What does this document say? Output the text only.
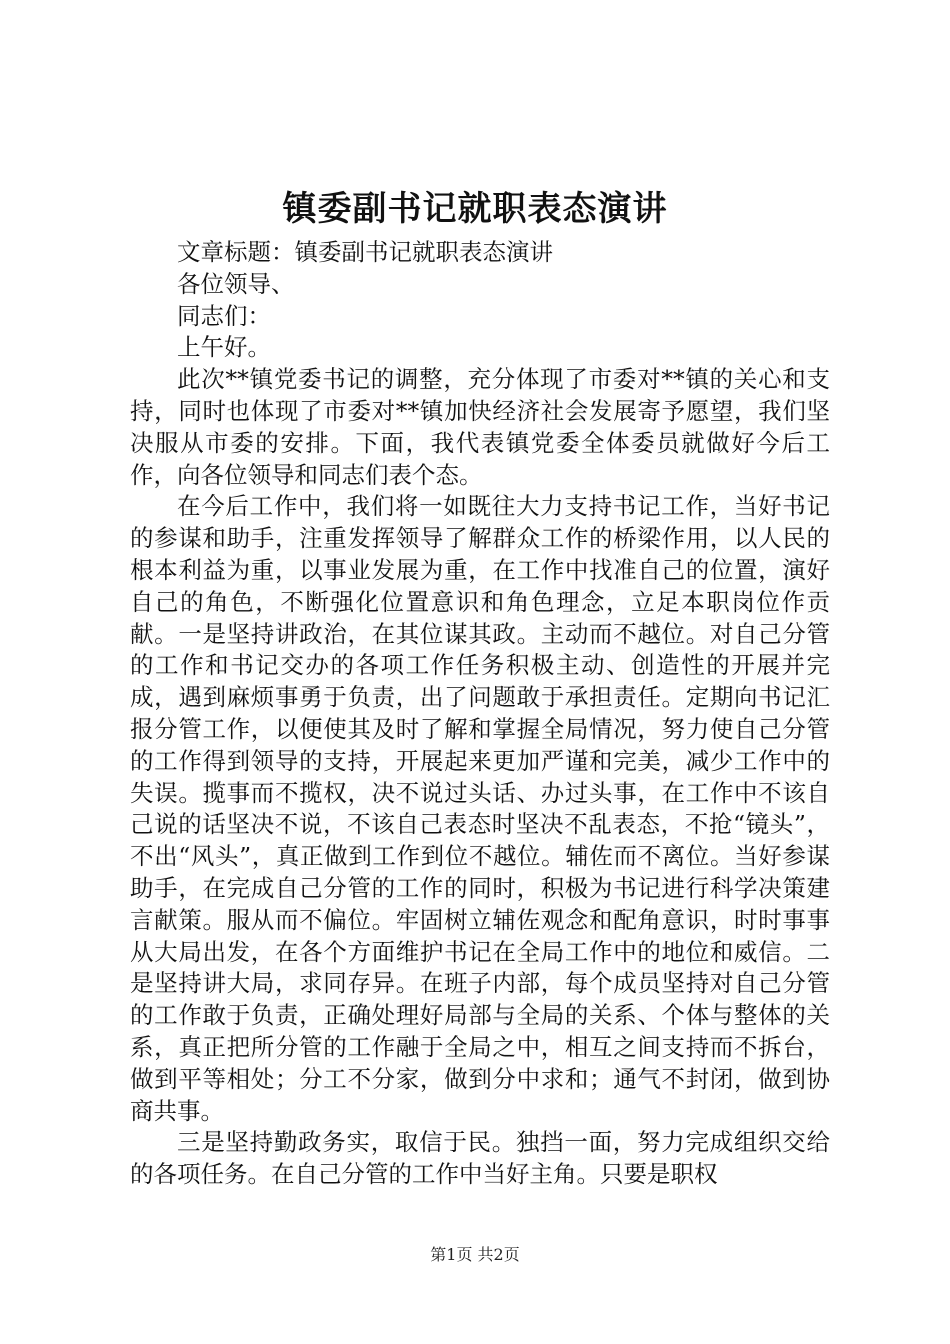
镇委副书记就职表态演讲

文章标题：镇委副书记就职表态演讲

各位领导、

同志们：

上午好。

此次**镇党委书记的调整，充分体现了市委对**镇的关心和支持，同时也体现了市委对**镇加快经济社会发展寄予愿望，我们坚决服从市委的安排。下面，我代表镇党委全体委员就做好今后工作，向各位领导和同志们表个态。

在今后工作中，我们将一如既往大力支持书记工作，当好书记的参谋和助手，注重发挥领导了解群众工作的桥梁作用，以人民的根本利益为重，以事业发展为重，在工作中找准自己的位置，演好自己的角色，不断强化位置意识和角色理念，立足本职岗位作贡献。一是坚持讲政治，在其位谋其政。主动而不越位。对自己分管的工作和书记交办的各项工作任务积极主动、创造性的开展并完成，遇到麻烦事勇于负责，出了问题敢于承担责任。定期向书记汇报分管工作，以便使其及时了解和掌握全局情况，努力使自己分管的工作得到领导的支持，开展起来更加严谨和完美，减少工作中的失误。揽事而不揽权，决不说过头话、办过头事，在工作中不该自己说的话坚决不说，不该自己表态时坚决不乱表态，不抢“镜头”，不出“风头”，真正做到工作到位不越位。辅佐而不离位。当好参谋助手，在完成自己分管的工作的同时，积极为书记进行科学决策建言献策。服从而不偏位。牢固树立辅佐观念和配角意识，时时事事从大局出发，在各个方面维护书记在全局工作中的地位和威信。二是坚持讲大局，求同存异。在班子内部，每个成员坚持对自己分管的工作敢于负责，正确处理好局部与全局的关系、个体与整体的关系，真正把所分管的工作融于全局之中，相互之间支持而不拆台，做到平等相处；分工不分家，做到分中求和；通气不封闭，做到协商共事。

三是坚持勤政务实，取信于民。独挡一面，努力完成组织交给的各项任务。在自己分管的工作中当好主角。只要是职权

第1页 共2页
